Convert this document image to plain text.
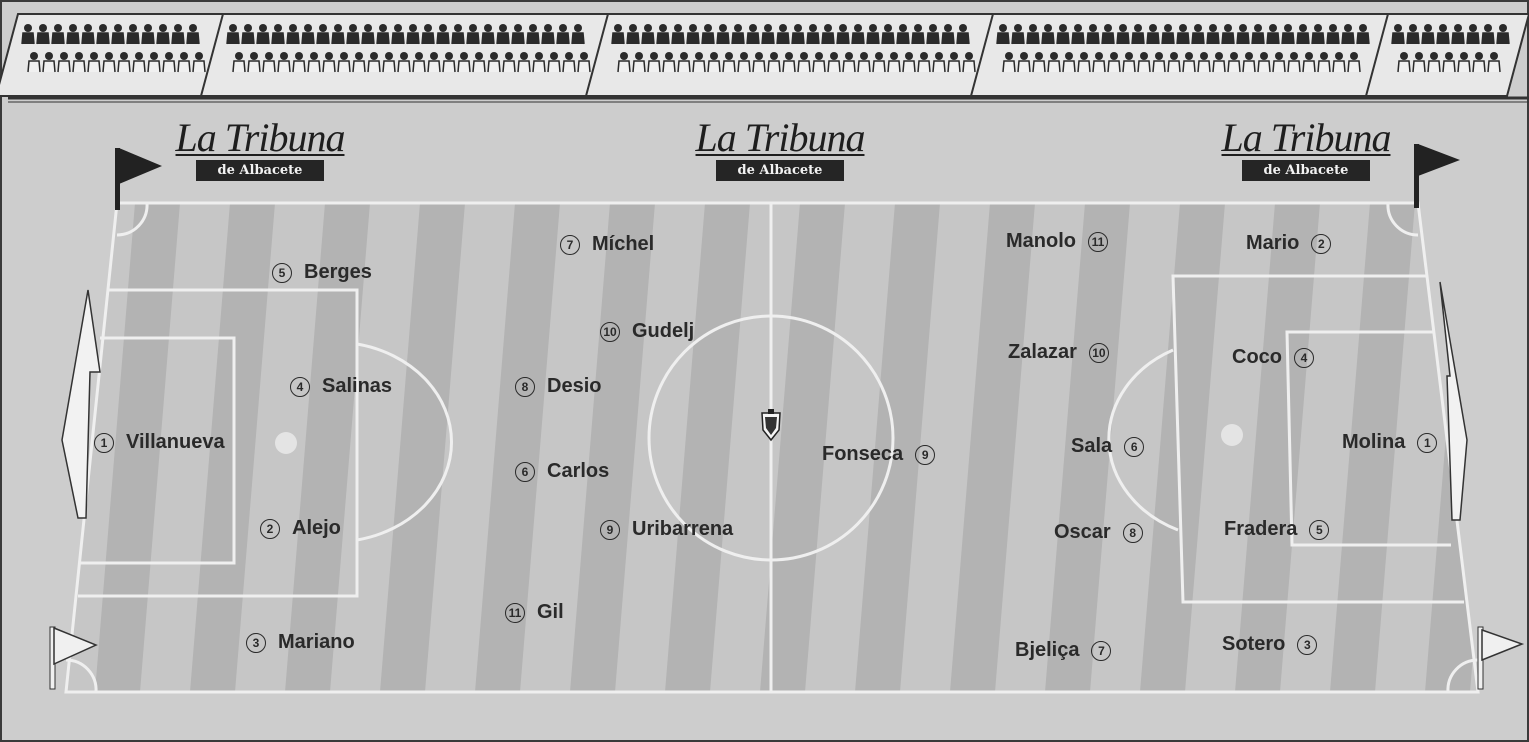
La Tribuna
de Albacete
La Tribuna
de Albacete
La Tribuna
de Albacete
1 Villanueva
5 Berges
4 Salinas
2 Alejo
3 Mariano
7 Míchel
10 Gudelj
8 Desio
6 Carlos
9 Uribarrena
11 Gil
Molina	1
Mario	2
Coco	4
Fradera	5
Sotero	3
Manolo	11
Zalazar 10
Sala	6
Oscar	8
Bjeliça	7
Fonseca	9
